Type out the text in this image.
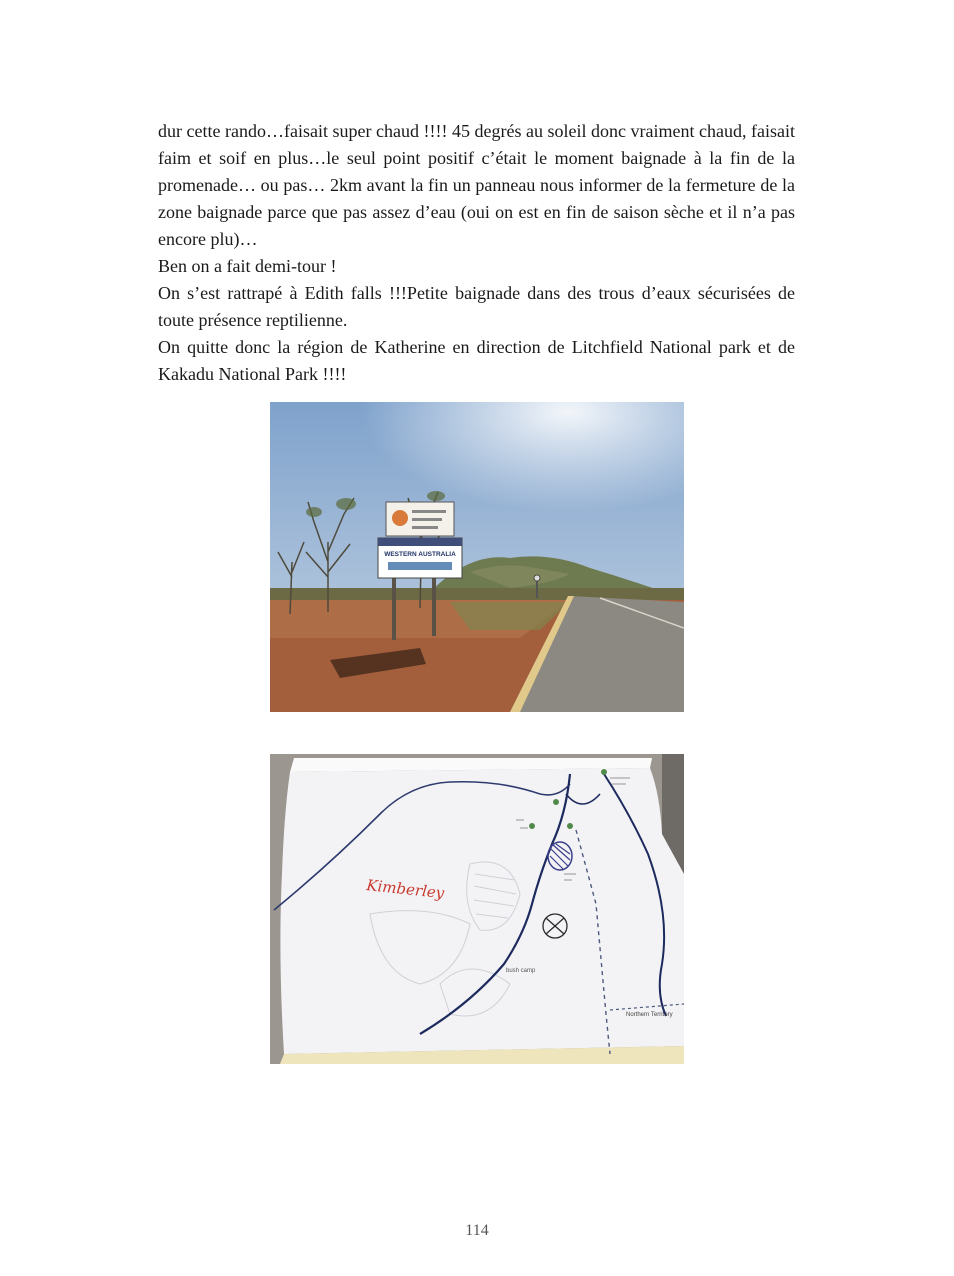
dur cette rando…faisait super chaud !!!! 45 degrés au soleil donc vraiment chaud, faisait faim et soif en plus…le seul point positif c’était le moment baignade à la fin de la promenade… ou pas… 2km avant la fin un panneau nous informer de la fermeture de la zone baignade parce que pas assez d’eau (oui on est en fin de saison sèche et il n’a pas encore plu)…

Ben on a fait demi-tour !

On s’est rattrapé à Edith falls !!!Petite baignade dans des trous d’eaux sécurisées de toute présence reptilienne.

On quitte donc la région de Katherine en direction de Litchfield National park et de Kakadu National Park !!!!

WESTERN AUSTRALIA
bush camp
Northern Territory
Kimberley
114
